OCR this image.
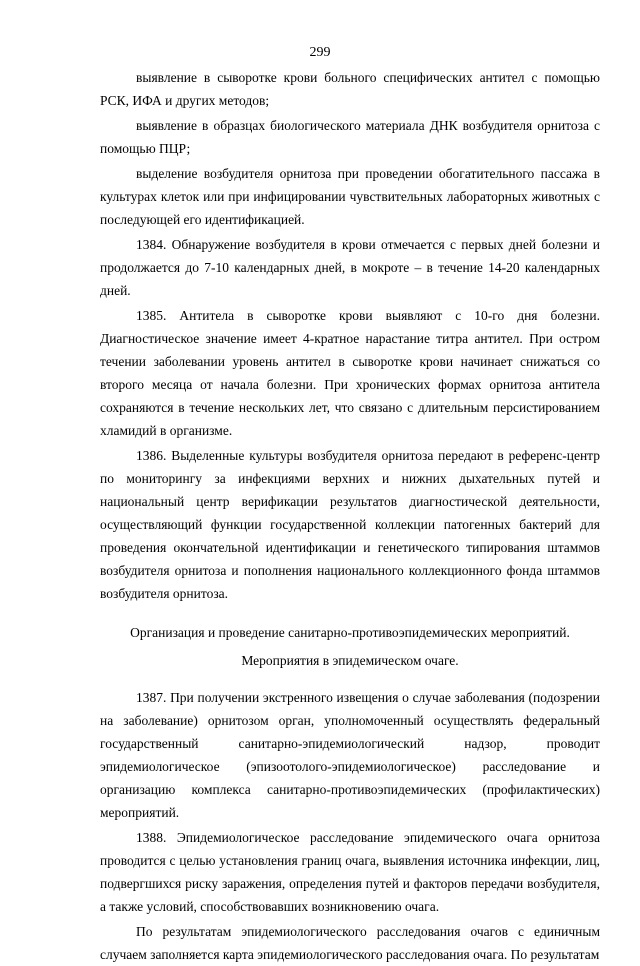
299

выявление в сыворотке крови больного специфических антител с помощью РСК, ИФА и других методов;

выявление в образцах биологического материала ДНК возбудителя орнитоза с помощью ПЦР;

выделение возбудителя орнитоза при проведении обогатительного пассажа в культурах клеток или при инфицировании чувствительных лабораторных животных с последующей его идентификацией.

1384. Обнаружение возбудителя в крови отмечается с первых дней болезни и продолжается до 7-10 календарных дней, в мокроте – в течение 14-20 календарных дней.

1385. Антитела в сыворотке крови выявляют с 10-го дня болезни. Диагностическое значение имеет 4-кратное нарастание титра антител. При остром течении заболевании уровень антител в сыворотке крови начинает снижаться со второго месяца от начала болезни. При хронических формах орнитоза антитела сохраняются в течение нескольких лет, что связано с длительным персистированием хламидий в организме.

1386. Выделенные культуры возбудителя орнитоза передают в референс-центр по мониторингу за инфекциями верхних и нижних дыхательных путей и национальный центр верификации результатов диагностической деятельности, осуществляющий функции государственной коллекции патогенных бактерий для проведения окончательной идентификации и генетического типирования штаммов возбудителя орнитоза и пополнения национального коллекционного фонда штаммов возбудителя орнитоза.

Организация и проведение санитарно-противоэпидемических мероприятий.
Мероприятия в эпидемическом очаге.

1387. При получении экстренного извещения о случае заболевания (подозрении на заболевание) орнитозом орган, уполномоченный осуществлять федеральный государственный санитарно-эпидемиологический надзор, проводит эпидемиологическое (эпизоотолого-эпидемиологическое) расследование и организацию комплекса санитарно-противоэпидемических (профилактических) мероприятий.

1388. Эпидемиологическое расследование эпидемического очага орнитоза проводится с целью установления границ очага, выявления источника инфекции, лиц, подвергшихся риску заражения, определения путей и факторов передачи возбудителя, а также условий, способствовавших возникновению очага.

По результатам эпидемиологического расследования очагов с единичным случаем заполняется карта эпидемиологического расследования очага. По результатам
